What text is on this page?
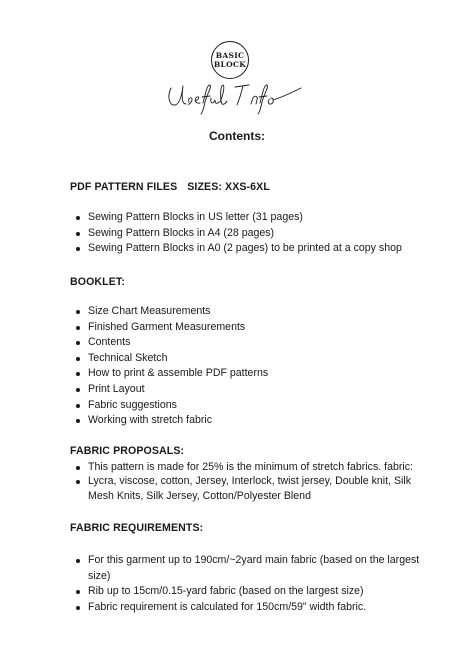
BASIC
BLOCK
Contents:
PDF PATTERN FILES SIZES: XXS-6XL
Sewing Pattern Blocks in US letter (31 pages)
Sewing Pattern Blocks in A4 (28 pages)
Sewing Pattern Blocks in A0 (2 pages) to be printed at a copy shop
BOOKLET:
Size Chart Measurements
Finished Garment Measurements
Contents
Technical Sketch
How to print & assemble PDF patterns
Print Layout
Fabric suggestions
Working with stretch fabric
FABRIC PROPOSALS:
This pattern is made for 25% is the minimum of stretch fabrics. fabric:
Lycra, viscose, cotton, Jersey, Interlock, twist jersey, Double knit, Silk Mesh Knits, Silk Jersey, Cotton/Polyester Blend
FABRIC REQUIREMENTS:
For this garment up to 190cm/~2yard main fabric (based on the largest size)
Rib up to 15cm/0.15-yard fabric (based on the largest size)
Fabric requirement is calculated for 150cm/59" width fabric.
